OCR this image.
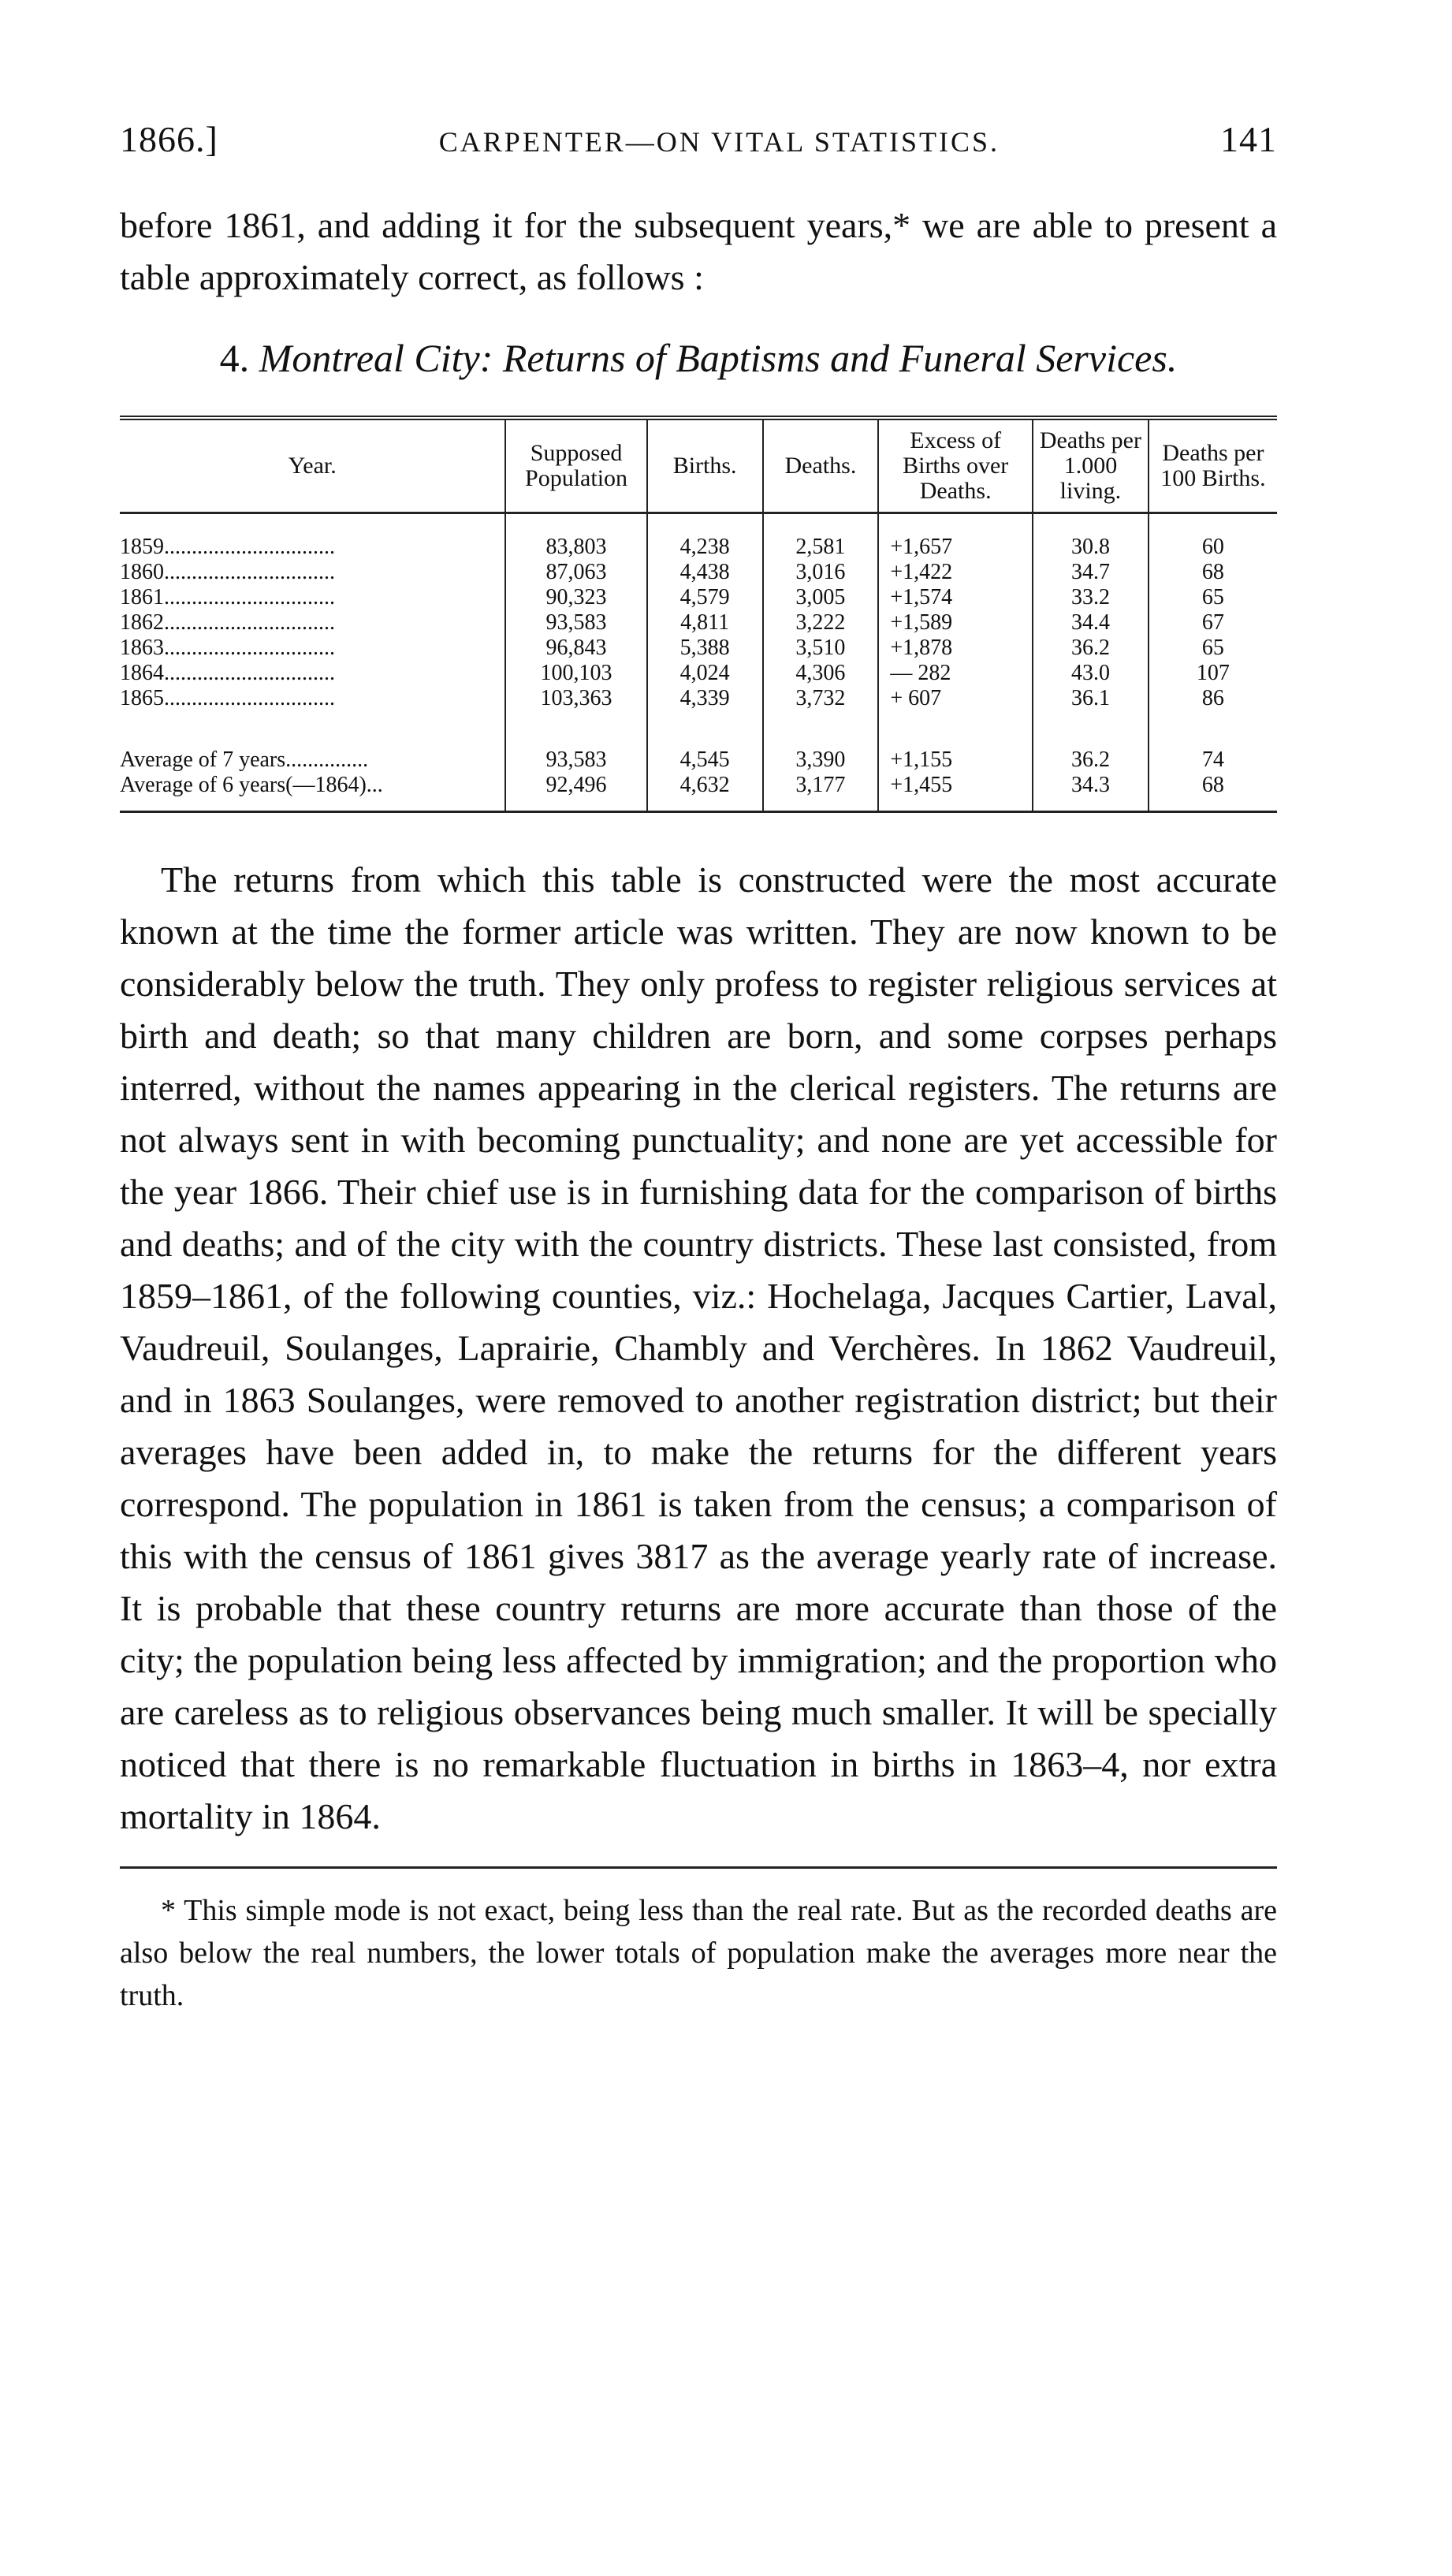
1866.]	CARPENTER—ON VITAL STATISTICS.	141

before 1861, and adding it for the subsequent years,* we are able to present a table approximately correct, as follows :

4. Montreal City: Returns of Baptisms and Funeral Services.
Year.	Supposed Population	Births.	Deaths.	Excess of Births over Deaths.	Deaths per 1.000 living.	Deaths per 100 Births.
1859...............................	83,803	4,238	2,581	+1,657	30.8	60
1860...............................	87,063	4,438	3,016	+1,422	34.7	68
1861...............................	90,323	4,579	3,005	+1,574	33.2	65
1862...............................	93,583	4,811	3,222	+1,589	34.4	67
1863...............................	96,843	5,388	3,510	+1,878	36.2	65
1864...............................	100,103	4,024	4,306	— 282	43.0	107
1865...............................	103,363	4,339	3,732	+ 607	36.1	86
Average of 7 years...............	93,583	4,545	3,390	+1,155	36.2	74
Average of 6 years(—1864)...	92,496	4,632	3,177	+1,455	34.3	68

The returns from which this table is constructed were the most accurate known at the time the former article was written. They are now known to be considerably below the truth. They only profess to register religious services at birth and death; so that many children are born, and some corpses perhaps interred, without the names appearing in the clerical registers. The returns are not always sent in with becoming punctuality; and none are yet accessible for the year 1866. Their chief use is in furnishing data for the comparison of births and deaths; and of the city with the country districts. These last consisted, from 1859–1861, of the following counties, viz.: Hochelaga, Jacques Cartier, Laval, Vaudreuil, Soulanges, Laprairie, Chambly and Verchères. In 1862 Vaudreuil, and in 1863 Soulanges, were removed to another registration district; but their averages have been added in, to make the returns for the different years correspond. The population in 1861 is taken from the census; a comparison of this with the census of 1861 gives 3817 as the average yearly rate of increase. It is probable that these country returns are more accurate than those of the city; the population being less affected by immigration; and the proportion who are careless as to religious observances being much smaller. It will be specially noticed that there is no remarkable fluctuation in births in 1863–4, nor extra mortality in 1864.

* This simple mode is not exact, being less than the real rate. But as the recorded deaths are also below the real numbers, the lower totals of population make the averages more near the truth.
